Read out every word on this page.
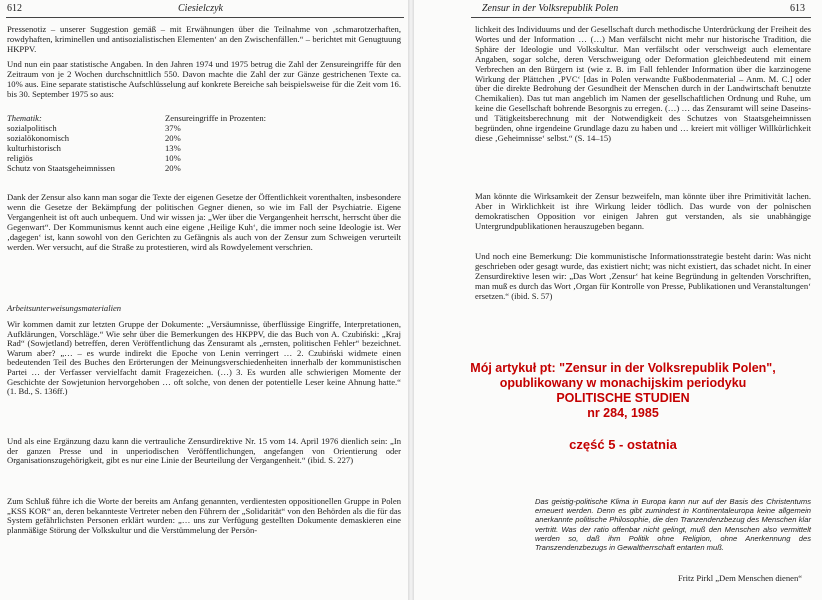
612	Ciesielczyk

Pressenotiz – unserer Suggestion gemäß – mit Erwähnungen über die Teilnahme von ‚schmarotzerhaften, rowdyhaften, kriminellen und antisozialistischen Elementen‘ an den Zwischenfällen.“ – berichtet mit Genugtuung HKPPV.

Und nun ein paar statistische Angaben. In den Jahren 1974 und 1975 betrug die Zahl der Zensureingriffe für den Zeitraum von je 2 Wochen durchschnittlich 550. Davon machte die Zahl der zur Gänze gestrichenen Texte ca. 10% aus. Eine separate statistische Aufschlüsselung auf konkrete Bereiche sah beispielsweise für die Zeit vom 16. bis 30. September 1975 so aus:

Thematik:	Zensureingriffe in Prozenten:
sozialpolitisch	37%
sozialökonomisch	20%
kulturhistorisch	13%
religiös	10%
Schutz von Staatsgeheimnissen	20%

Dank der Zensur also kann man sogar die Texte der eigenen Gesetze der Öffentlichkeit vorenthalten, insbesondere wenn die Gesetze der Bekämpfung der politischen Gegner dienen, so wie im Fall der Psychiatrie. Eigene Vergangenheit ist oft auch unbequem. Und wir wissen ja: „Wer über die Vergangenheit herrscht, herrscht über die Gegenwart“. Der Kommunismus kennt auch eine eigene ‚Heilige Kuh‘, die immer noch seine Ideologie ist. Wer ‚dagegen‘ ist, kann sowohl von den Gerichten zu Gefängnis als auch von der Zensur zum Schweigen verurteilt werden. Wer versucht, auf die Straße zu protestieren, wird als Rowdyelement verschrien.

Arbeitsunterweisungsmaterialien

Wir kommen damit zur letzten Gruppe der Dokumente: „Versäumnisse, überflüssige Eingriffe, Interpretationen, Aufklärungen, Vorschläge.“ Wie sehr über die Bemerkungen des HKPPV, die das Buch von A. Czubiński: „Kraj Rad“ (Sowjetland) betreffen, deren Veröffentlichung das Zensuramt als „ernsten, politischen Fehler“ bezeichnet. Warum aber? „… – es wurde indirekt die Epoche von Lenin verringert … 2. Czubiński widmete einen bedeutenden Teil des Buches den Erörterungen der Meinungsverschiedenheiten innerhalb der kommunistischen Partei … der Verfasser vervielfacht damit Fragezeichen. (…) 3. Es wurden alle schwierigen Momente der Geschichte der Sowjetunion hervorgehoben … oft solche, von denen der potentielle Leser keine Ahnung hatte.“ (1. Bd., S. 136ff.)

Und als eine Ergänzung dazu kann die vertrauliche Zensurdirektive Nr. 15 vom 14. April 1976 dienlich sein: „In der ganzen Presse und in unperiodischen Veröffentlichungen, angefangen von Orientierung oder Organisationszugehörigkeit, gibt es nur eine Linie der Beurteilung der Vergangenheit.“ (ibid. S. 227)

Zum Schluß führe ich die Worte der bereits am Anfang genannten, verdientesten oppositionellen Gruppe in Polen „KSS KOR“ an, deren bekannteste Vertreter neben den Führern der „Solidarität“ von den Behörden als die für das System gefährlichsten Personen erklärt wurden: „… uns zur Verfügung gestellten Dokumente demaskieren eine planmäßige Störung der Volkskultur und die Verstümmelung der Persön-

Zensur in der Volksrepublik Polen	613

lichkeit des Individuums und der Gesellschaft durch methodische Unterdrückung der Freiheit des Wortes und der Information … (…) Man verfälscht nicht mehr nur historische Tradition, die Sphäre der Ideologie und Volkskultur. Man verfälscht oder verschweigt auch elementare Angaben, sogar solche, deren Verschweigung oder Deformation gleichbedeutend mit einem Verbrechen an den Bürgern ist (wie z. B. im Fall fehlender Information über die karzinogene Wirkung der Plättchen ‚PVC‘ [das in Polen verwandte Fußbodenmaterial – Anm. M. C.] oder über die direkte Bedrohung der Gesundheit der Menschen durch in der Landwirtschaft benutzte Chemikalien). Das tut man angeblich im Namen der gesellschaftlichen Ordnung und Ruhe, um keine die Gesellschaft bohrende Besorgnis zu erregen. (…) … das Zensuramt will seine Daseins- und Tätigkeitsberechnung mit der Notwendigkeit des Schutzes von Staatsgeheimnissen begründen, ohne irgendeine Grundlage dazu zu haben und … kreiert mit völliger Willkürlichkeit diese ‚Geheimnisse‘ selbst.“ (S. 14–15)

Man könnte die Wirksamkeit der Zensur bezweifeln, man könnte über ihre Primitivität lachen. Aber in Wirklichkeit ist ihre Wirkung leider tödlich. Das wurde von der polnischen demokratischen Opposition vor einigen Jahren gut verstanden, als sie unabhängige Untergrundpublikationen herauszugeben begann.

Und noch eine Bemerkung: Die kommunistische Informationsstrategie besteht darin: Was nicht geschrieben oder gesagt wurde, das existiert nicht; was nicht existiert, das schadet nicht. In einer Zensurdirektive lesen wir: „Das Wort ‚Zensur‘ hat keine Begründung in geltenden Vorschriften, man muß es durch das Wort ‚Organ für Kontrolle von Presse, Publikationen und Veranstaltungen‘ ersetzen.“ (ibid. S. 57)

Mój artykuł pt: "Zensur in der Volksrepublik Polen",
opublikowany w monachijskim periodyku
POLITISCHE STUDIEN
nr 284, 1985
część 5 - ostatnia

Das geistig-politische Klima in Europa kann nur auf der Basis des Christentums erneuert werden. Denn es gibt zumindest in Kontinentaleuropa keine allgemein anerkannte politische Philosophie, die den Tranzendenzbezug des Menschen klar vertritt. Was der ratio offenbar nicht gelingt, muß den Menschen also vermittelt werden so, daß ihm Politik ohne Religion, ohne Anerkennung des Transzendenzbezugs in Gewaltherrschaft entarten muß.

Fritz Pirkl „Dem Menschen dienen“
